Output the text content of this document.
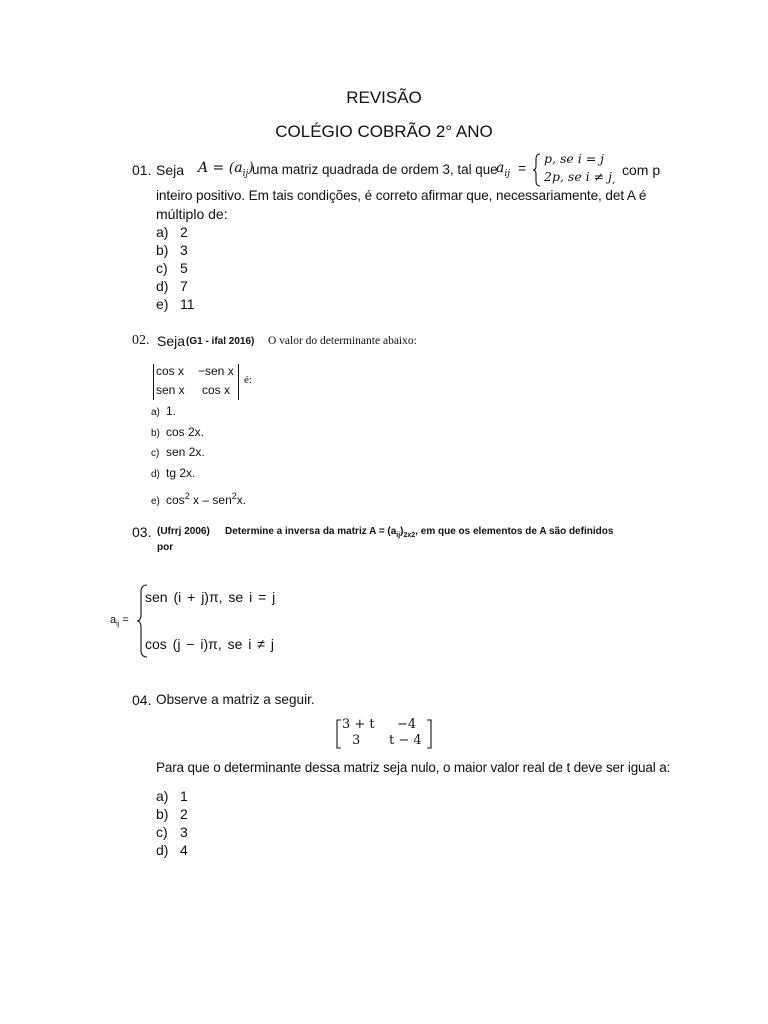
REVISÃO
COLÉGIO COBRÃO 2° ANO
01. Seja $A = (a_{ij})$
uma matriz quadrada de ordem 3, tal que
$a_{ij}$ =
p, se i = j
2p, se i ≠ j ,
com p
inteiro positivo. Em tais condições, é correto afirmar que, necessariamente, det A é
múltiplo de:
a) 2
b) 3
c) 5
d) 7
e) 11
02. Seja (G1 - ifal 2016) O valor do determinante abaixo:
cos x −sen x
sen x cos x
é:
a) 1.
b) cos 2x.
c) sen 2x.
d) tg 2x.
e) $\cos^2 x - sen^2x$.
03. (Ufrrj 2006) Determine a inversa da matriz $A = (a_{ij})_{2x2}$, em que os elementos de A são definidos
por
$a_{ij}$ =
sen (i + j)π, se i = j
cos (j − i)π, se i ≠ j
04. Observe a matriz a seguir.
3 + t −4
3 t − 4
Para que o determinante dessa matriz seja nulo, o maior valor real de t deve ser igual a:
a) 1
b) 2
c) 3
d) 4
